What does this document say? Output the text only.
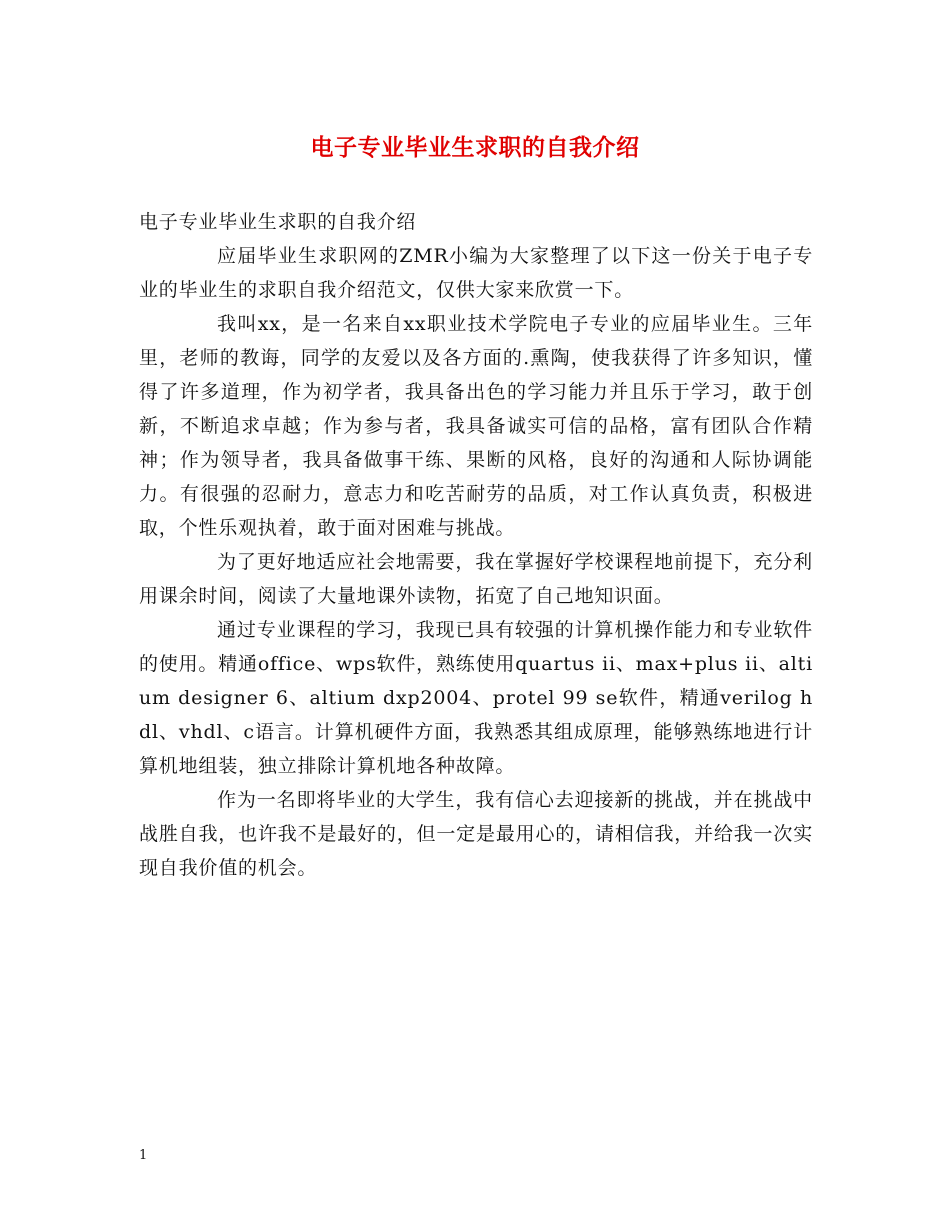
电子专业毕业生求职的自我介绍

电子专业毕业生求职的自我介绍

应届毕业生求职网的ZMR小编为大家整理了以下这一份关于电子专业的毕业生的求职自我介绍范文，仅供大家来欣赏一下。

我叫xx，是一名来自xx职业技术学院电子专业的应届毕业生。三年里，老师的教诲，同学的友爱以及各方面的.熏陶，使我获得了许多知识，懂得了许多道理，作为初学者，我具备出色的学习能力并且乐于学习，敢于创新，不断追求卓越；作为参与者，我具备诚实可信的品格，富有团队合作精神；作为领导者，我具备做事干练、果断的风格，良好的沟通和人际协调能力。有很强的忍耐力，意志力和吃苦耐劳的品质，对工作认真负责，积极进取，个性乐观执着，敢于面对困难与挑战。

为了更好地适应社会地需要，我在掌握好学校课程地前提下，充分利用课余时间，阅读了大量地课外读物，拓宽了自己地知识面。

通过专业课程的学习，我现已具有较强的计算机操作能力和专业软件的使用。精通office、wps软件，熟练使用quartus ii、max+plus ii、altium designer 6、altium dxp2004、protel 99 se软件，精通verilog hdl、vhdl、c语言。计算机硬件方面，我熟悉其组成原理，能够熟练地进行计算机地组装，独立排除计算机地各种故障。

作为一名即将毕业的大学生，我有信心去迎接新的挑战，并在挑战中战胜自我，也许我不是最好的，但一定是最用心的，请相信我，并给我一次实现自我价值的机会。

1
